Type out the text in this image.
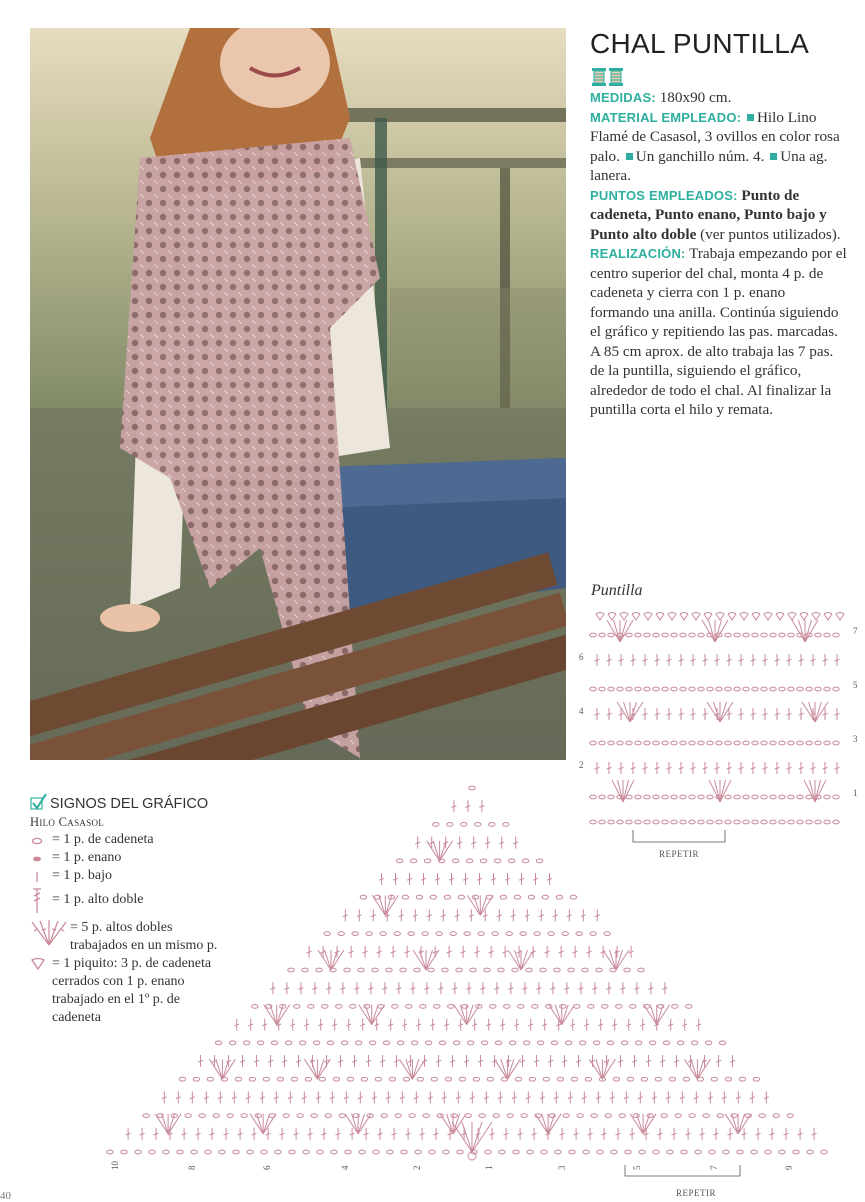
CHAL PUNTILLA

MEDIDAS: 180x90 cm.

MATERIAL EMPLEADO: Hilo Lino Flamé de Casasol, 3 ovillos en color rosa palo. Un ganchillo núm. 4. Una ag. lanera.

PUNTOS EMPLEADOS: Punto de cadeneta, Punto enano, Punto bajo y Punto alto doble (ver puntos utilizados).

REALIZACIÓN: Trabaja empezando por el centro superior del chal, monta 4 p. de cadeneta y cierra con 1 p. enano formando una anilla. Continúa siguiendo el gráfico y repitiendo las pas. marcadas. A 85 cm aprox. de alto trabaja las 7 pas. de la puntilla, siguiendo el gráfico, alrededor de todo el chal. Al finalizar la puntilla corta el hilo y remata.

Puntilla
7
5
3
1
6
4
2
REPETIR
SIGNOS DEL GRÁFICO
Hilo Casasol
= 1 p. de cadeneta
= 1 p. enano
= 1 p. bajo
= 1 p. alto doble
= 5 p. altos dobles trabajados en un mismo p.
= 1 piquito: 3 p. de cadeneta cerrados con 1 p. enano trabajado en el 1º p. de cadeneta
10	8	6	4	2	1	3	5	7	9
REPETIR
40
